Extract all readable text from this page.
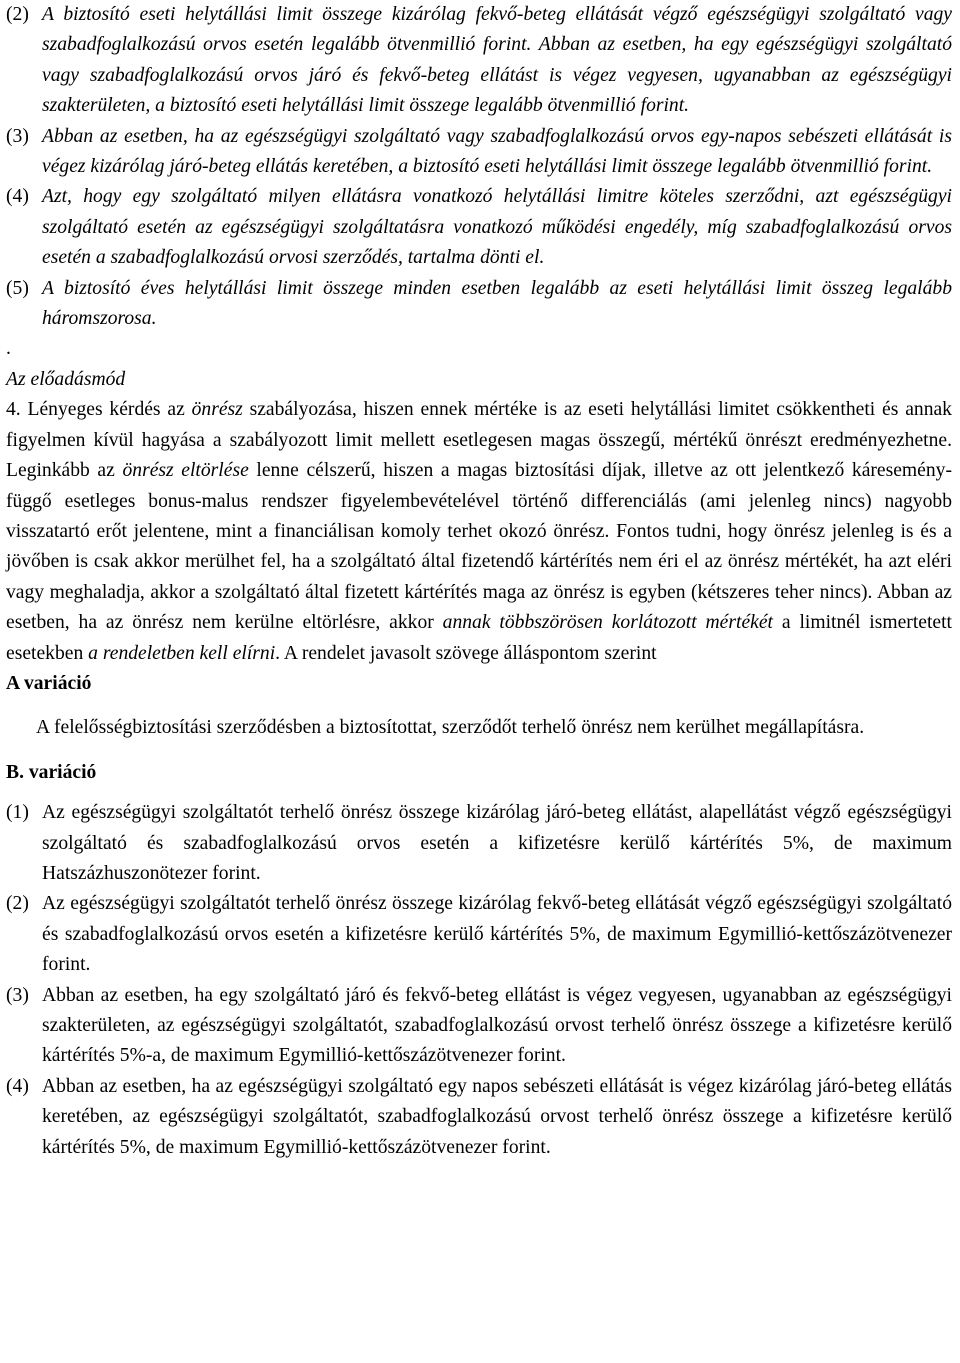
(2) A biztosító eseti helytállási limit összege kizárólag fekvő-beteg ellátását végző egészségügyi szolgáltató vagy szabadfoglalkozású orvos esetén legalább ötvenmillió forint. Abban az esetben, ha egy egészségügyi szolgáltató vagy szabadfoglalkozású orvos járó és fekvő-beteg ellátást is végez vegyesen, ugyanabban az egészségügyi szakterületen, a biztosító eseti helytállási limit összege legalább ötvenmillió forint.
(3) Abban az esetben, ha az egészségügyi szolgáltató vagy szabadfoglalkozású orvos egy-napos sebészeti ellátását is végez kizárólag járó-beteg ellátás keretében, a biztosító eseti helytállási limit összege legalább ötvenmillió forint.
(4) Azt, hogy egy szolgáltató milyen ellátásra vonatkozó helytállási limitre köteles szerződni, azt egészségügyi szolgáltató esetén az egészségügyi szolgáltatásra vonatkozó működési engedély, míg szabadfoglalkozású orvos esetén a szabadfoglalkozású orvosi szerződés, tartalma dönti el.
(5) A biztosító éves helytállási limit összege minden esetben legalább az eseti helytállási limit összeg legalább háromszorosa.

.

Az előadásmód

4. Lényeges kérdés az önrész szabályozása, hiszen ennek mértéke is az eseti helytállási limitet csökkentheti és annak figyelmen kívül hagyása a szabályozott limit mellett esetlegesen magas összegű, mértékű önrészt eredményezhetne. Leginkább az önrész eltörlése lenne célszerű, hiszen a magas biztosítási díjak, illetve az ott jelentkező káresemény-függő esetleges bonus-malus rendszer figyelembevételével történő differenciálás (ami jelenleg nincs) nagyobb visszatartó erőt jelentene, mint a financiálisan komoly terhet okozó önrész. Fontos tudni, hogy önrész jelenleg is és a jövőben is csak akkor merülhet fel, ha a szolgáltató által fizetendő kártérítés nem éri el az önrész mértékét, ha azt eléri vagy meghaladja, akkor a szolgáltató által fizetett kártérítés maga az önrész is egyben (kétszeres teher nincs). Abban az esetben, ha az önrész nem kerülne eltörlésre, akkor annak többszörösen korlátozott mértékét a limitnél ismertetett esetekben a rendeletben kell elírni. A rendelet javasolt szövege álláspontom szerint

A variáció

A felelősségbiztosítási szerződésben a biztosítottat, szerződőt terhelő önrész nem kerülhet megállapításra.

B. variáció

(1) Az egészségügyi szolgáltatót terhelő önrész összege kizárólag járó-beteg ellátást, alapellátást végző egészségügyi szolgáltató és szabadfoglalkozású orvos esetén a kifizetésre kerülő kártérítés 5%, de maximum Hatszázhuszonötezer forint.
(2) Az egészségügyi szolgáltatót terhelő önrész összege kizárólag fekvő-beteg ellátását végző egészségügyi szolgáltató és szabadfoglalkozású orvos esetén a kifizetésre kerülő kártérítés 5%, de maximum Egymillió-kettőszázötvenezer forint.
(3) Abban az esetben, ha egy szolgáltató járó és fekvő-beteg ellátást is végez vegyesen, ugyanabban az egészségügyi szakterületen, az egészségügyi szolgáltatót, szabadfoglalkozású orvost terhelő önrész összege a kifizetésre kerülő kártérítés 5%-a, de maximum Egymillió-kettőszázötvenezer forint.
(4) Abban az esetben, ha az egészségügyi szolgáltató egy napos sebészeti ellátását is végez kizárólag járó-beteg ellátás keretében, az egészségügyi szolgáltatót, szabadfoglalkozású orvost terhelő önrész összege a kifizetésre kerülő kártérítés 5%, de maximum Egymillió-kettőszázötvenezer forint.
